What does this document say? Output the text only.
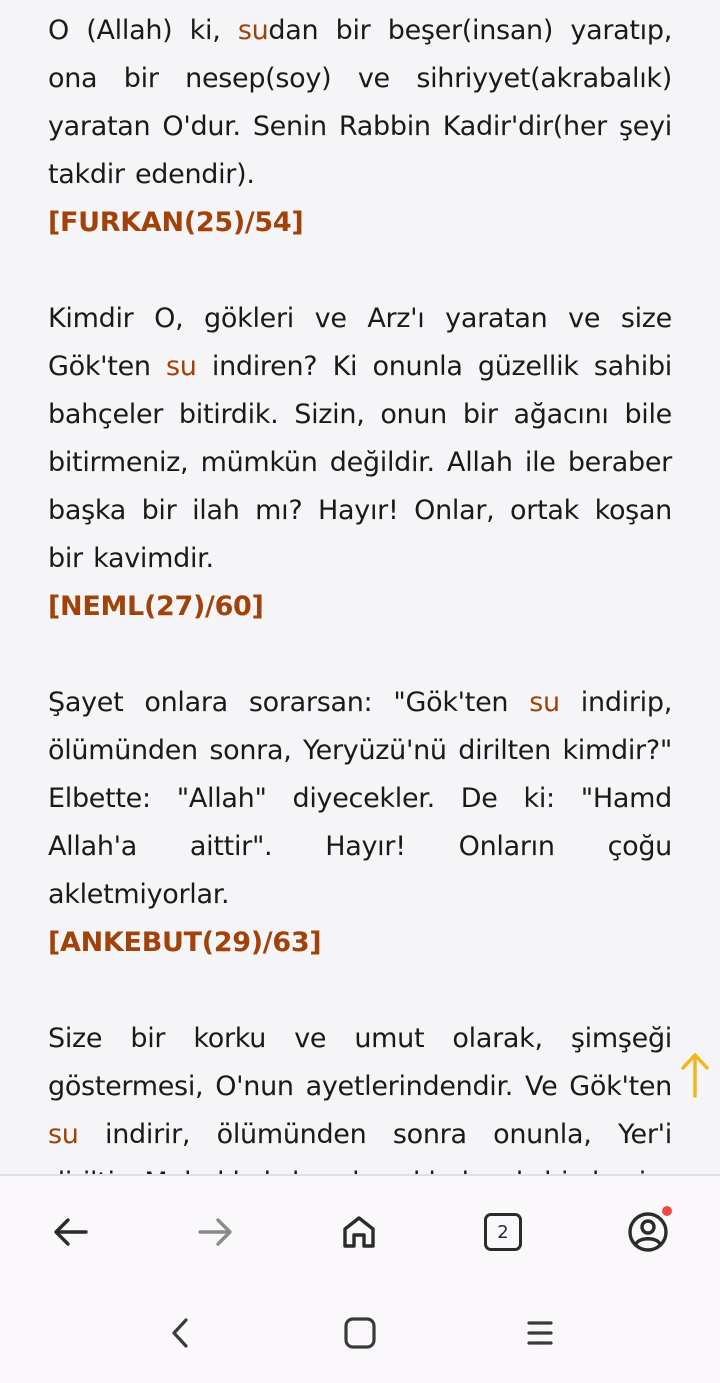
O (Allah) ki, sudan bir beşer(insan) yaratıp, ona bir nesep(soy) ve sihriyyet(akrabalık) yaratan O'dur. Senin Rabbin Kadir'dir(her şeyi takdir edendir).

[FURKAN(25)/54]

Kimdir O, gökleri ve Arz'ı yaratan ve size Gök'ten su indiren? Ki onunla güzellik sahibi bahçeler bitirdik. Sizin, onun bir ağacını bile bitirmeniz, mümkün değildir. Allah ile beraber başka bir ilah mı? Hayır! Onlar, ortak koşan bir kavimdir.

[NEML(27)/60]

Şayet onlara sorarsan: "Gök'ten su indirip, ölümünden sonra, Yeryüzü'nü dirilten kimdir?" Elbette: "Allah" diyecekler. De ki: "Hamd Allah'a aittir". Hayır! Onların çoğu akletmiyorlar.

[ANKEBUT(29)/63]

Size bir korku ve umut olarak, şimşeği göstermesi, O'nun ayetlerindendir. Ve Gök'ten su indirir, ölümünden sonra onunla, Yer'i

2
